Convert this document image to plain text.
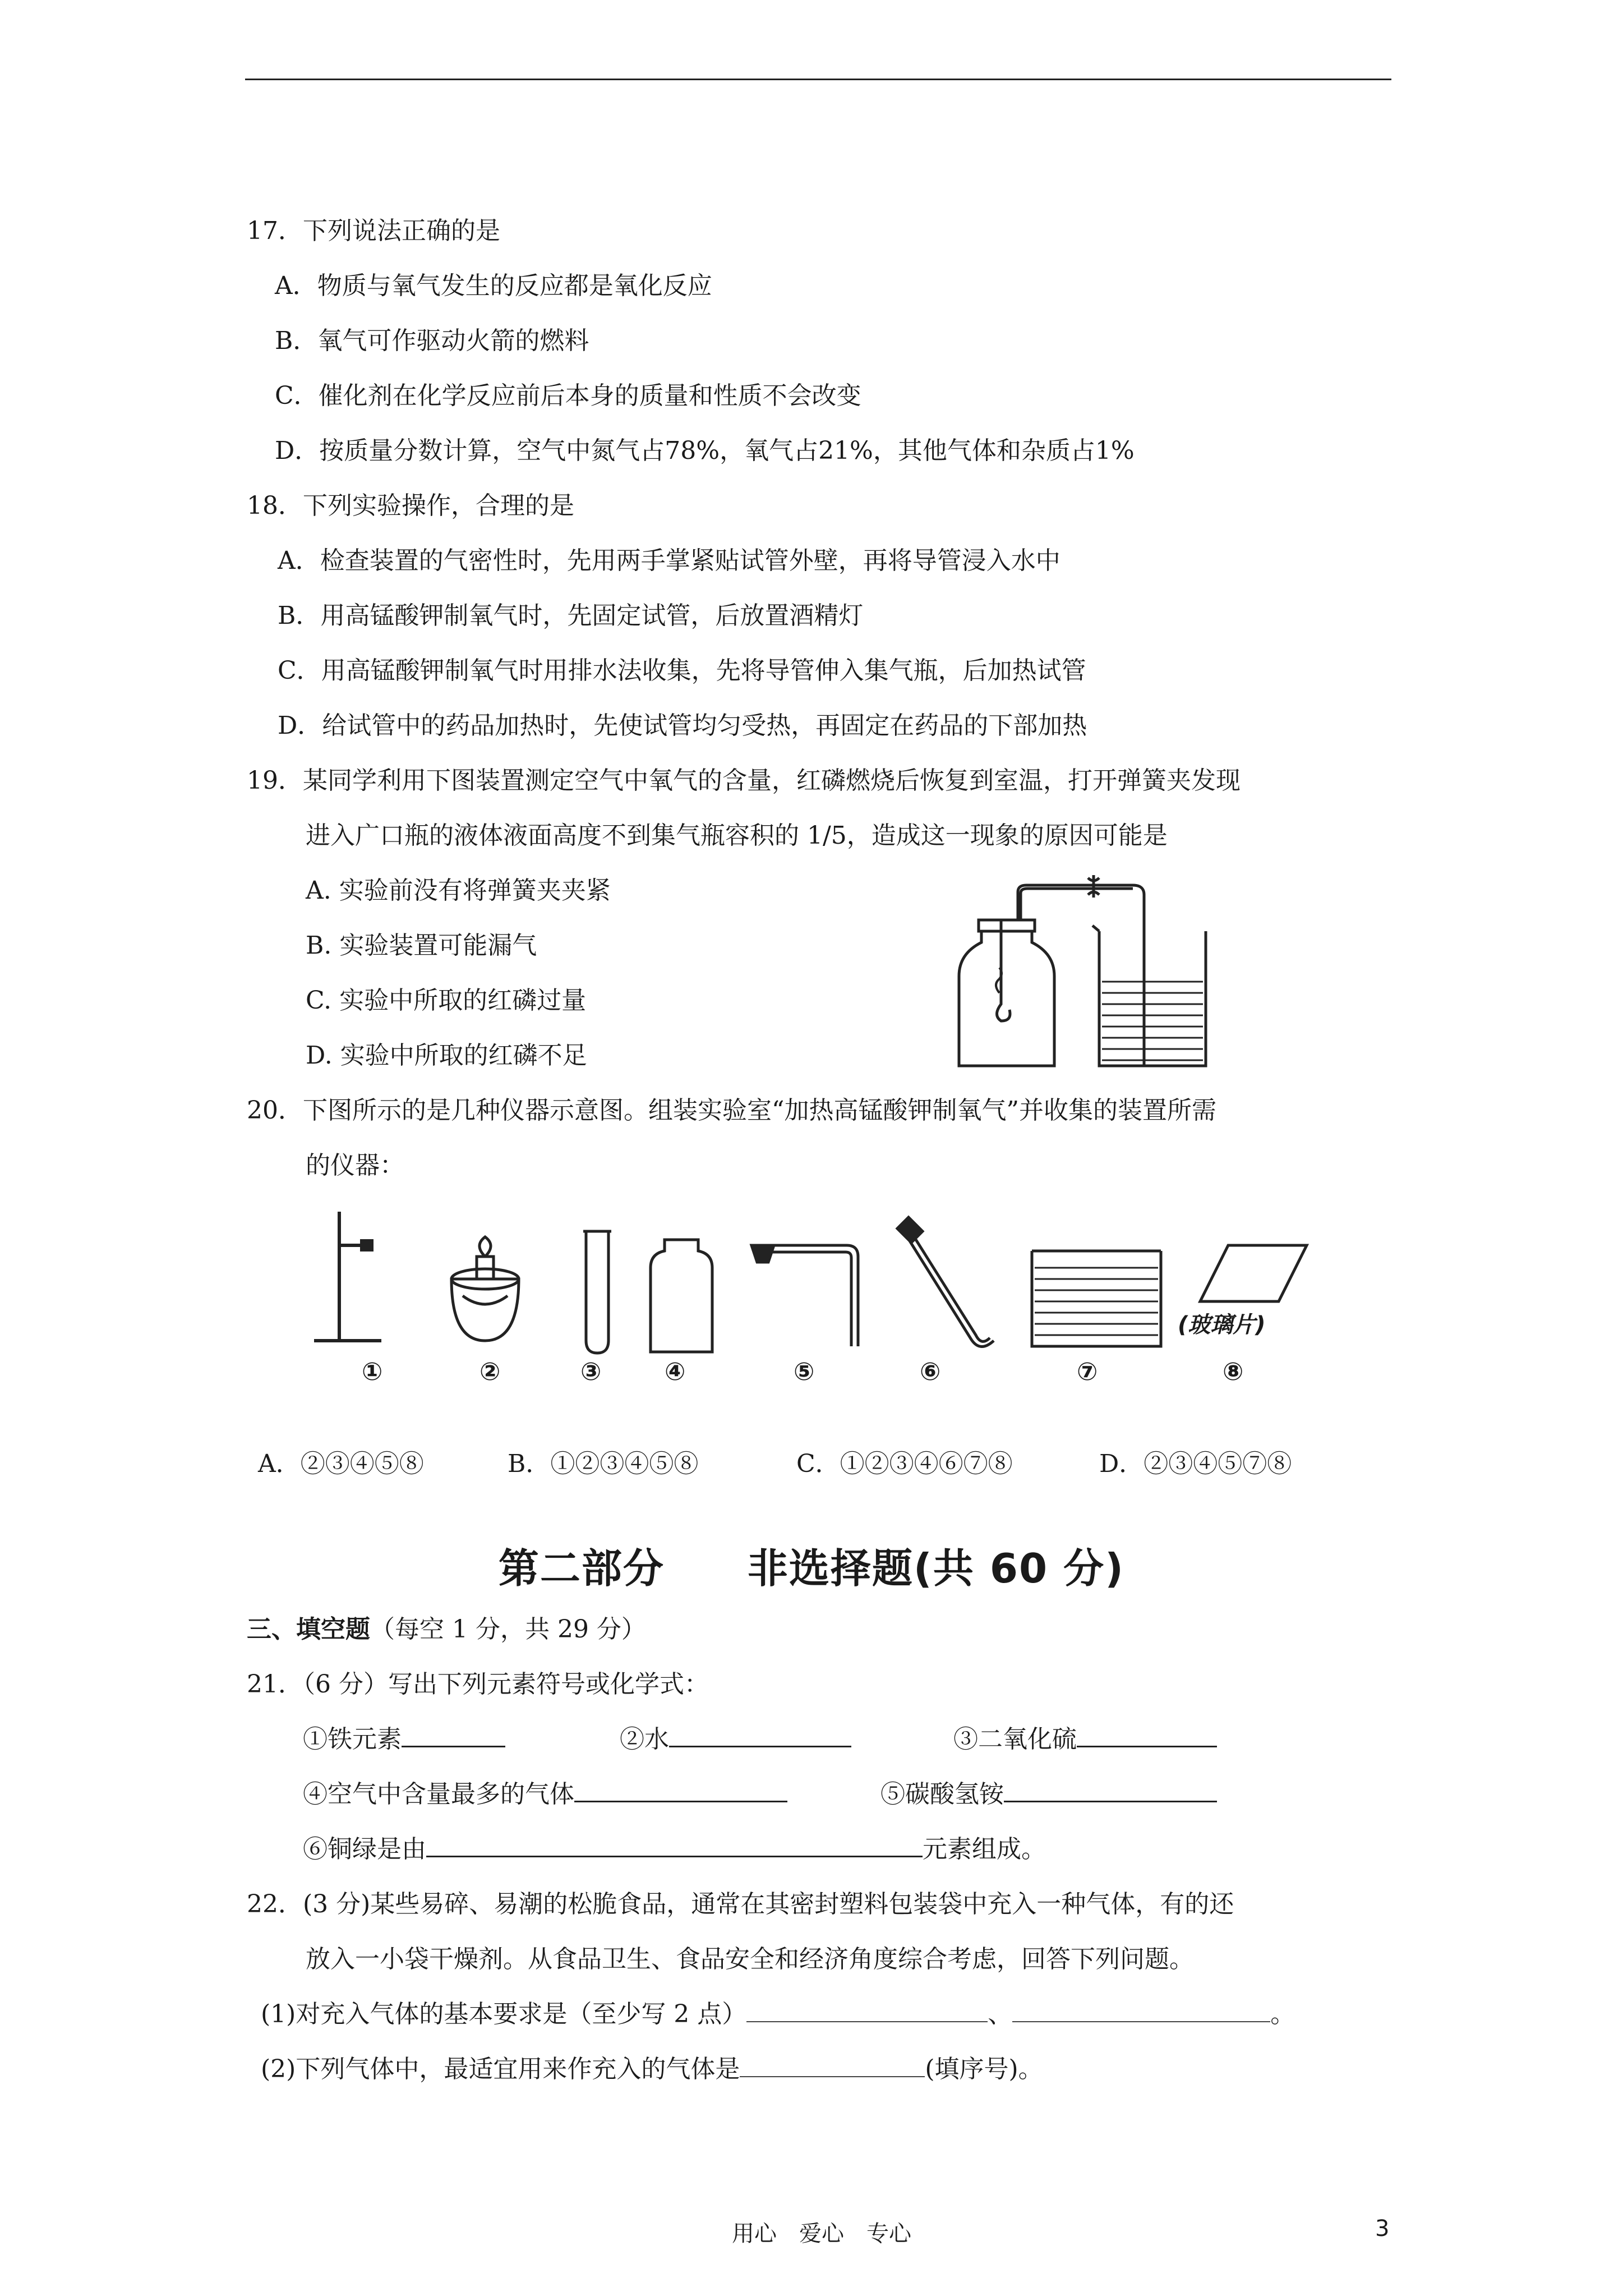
17．下列说法正确的是
A．物质与氧气发生的反应都是氧化反应
B．氧气可作驱动火箭的燃料
C．催化剂在化学反应前后本身的质量和性质不会改变
D．按质量分数计算，空气中氮气占78%，氧气占21%，其他气体和杂质占1%
18．下列实验操作，合理的是
A．检查装置的气密性时，先用两手掌紧贴试管外壁，再将导管浸入水中
B．用高锰酸钾制氧气时，先固定试管，后放置酒精灯
C．用高锰酸钾制氧气时用排水法收集，先将导管伸入集气瓶，后加热试管
D．给试管中的药品加热时，先使试管均匀受热，再固定在药品的下部加热
19．某同学利用下图装置测定空气中氧气的含量，红磷燃烧后恢复到室温，打开弹簧夹发现
进入广口瓶的液体液面高度不到集气瓶容积的 1/5，造成这一现象的原因可能是
A. 实验前没有将弹簧夹夹紧
B. 实验装置可能漏气
C. 实验中所取的红磷过量
D. 实验中所取的红磷不足
20．下图所示的是几种仪器示意图。组装实验室“加热高锰酸钾制氧气”并收集的装置所需
的仪器：
(玻璃片)
①	②	③	④	⑤	⑥	⑦	⑧
A．②③④⑤⑧	B．①②③④⑤⑧	C．①②③④⑥⑦⑧	D．②③④⑤⑦⑧
第二部分　　非选择题(共 60 分)
三、填空题（每空 1 分，共 29 分）
21．（6 分）写出下列元素符号或化学式：
①铁元素	②水	③二氧化硫
④空气中含量最多的气体	⑤碳酸氢铵
⑥铜绿是由	元素组成。
22．(3 分)某些易碎、易潮的松脆食品，通常在其密封塑料包装袋中充入一种气体，有的还
放入一小袋干燥剂。从食品卫生、食品安全和经济角度综合考虑，回答下列问题。
(1)对充入气体的基本要求是（至少写 2 点）	、	。
(2)下列气体中，最适宜用来作充入的气体是	(填序号)。
用心　爱心　专心	3
